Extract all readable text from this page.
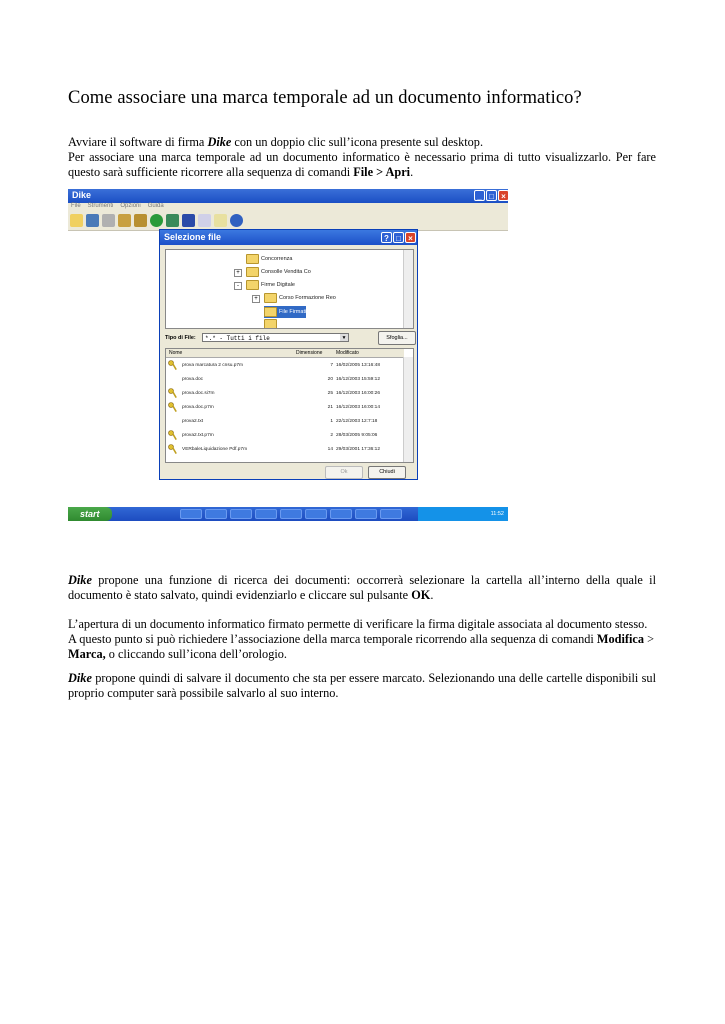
Come associare una marca temporale ad un documento informatico?
Avviare il software di firma Dike con un doppio clic sull’icona presente sul desktop.
Per associare una marca temporale ad un documento informatico è necessario prima di tutto visualizzarlo. Per fare questo sarà sufficiente ricorrere alla sequenza di comandi File > Apri.
Dike	_ □ ×
File Strumenti Opzioni Guida
Selezione file	? □ ×
Concorrenza
+	Consolle Vendita Co
-	Firme Digitale
+	Corso Formazione Reo
File Firmati
Tipo di File:	*.* - Tutti i file	▼	Sfoglia...
Nome	Dimensione	Modificato
prova marcatura 2 cnsu.p7m	7 16/02/2005 13:16:48
prova.doc	20 16/12/2003 15:59:12
prova.doc.si7m	25 16/12/2003 16:00:26
prova.doc.p7m	21 16/12/2003 16:00:14
prova2.txt	1 22/12/2003 12:7:18
prova2.txt.p7m	2 28/03/2005 9:05:06
VERbaleLiquidazione Pdf.p7m	14 29/03/2001 17:36:12
Ok	Chiudi
start	11:52
Dike propone una funzione di ricerca dei documenti: occorrerà selezionare la cartella all’interno della quale il documento è stato salvato, quindi evidenziarlo e cliccare sul pulsante OK.
L’apertura di un documento informatico firmato permette di verificare la firma digitale associata al documento stesso.
A questo punto si può richiedere l’associazione della marca temporale ricorrendo alla sequenza di comandi Modifica >
Marca, o cliccando sull’icona dell’orologio.
Dike propone quindi di salvare il documento che sta per essere marcato. Selezionando una delle cartelle disponibili sul proprio computer sarà possibile salvarlo al suo interno.
